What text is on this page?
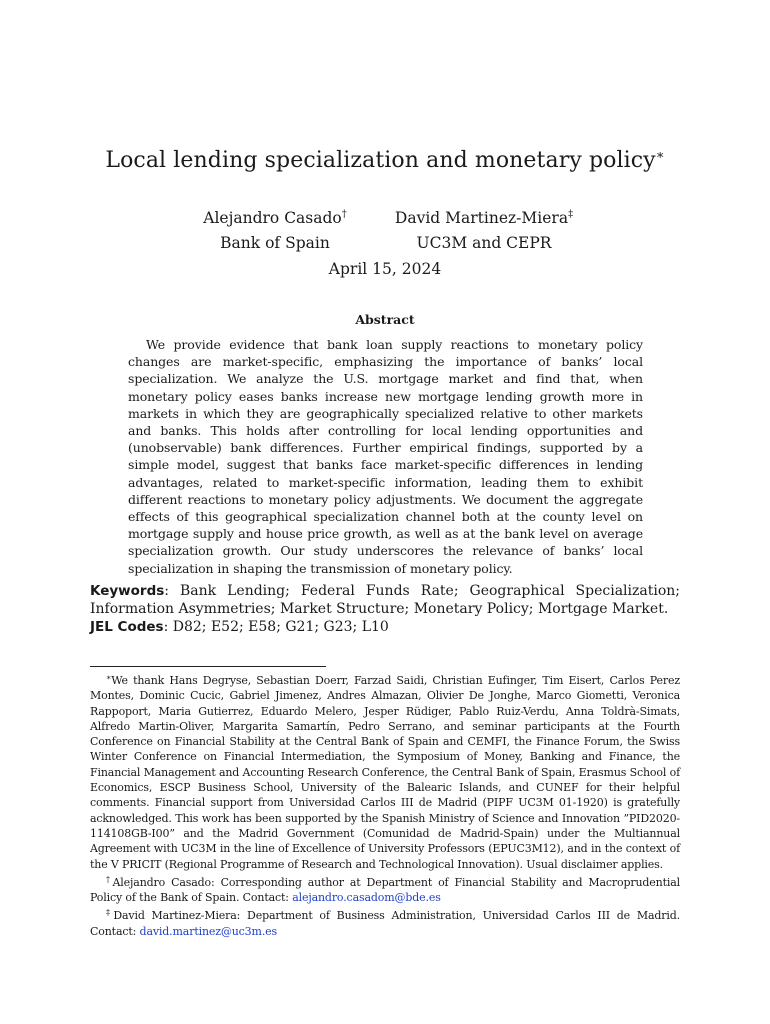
Local lending specialization and monetary policy∗
Alejandro Casado†
Bank of Spain
David Martinez-Miera‡
UC3M and CEPR
April 15, 2024
Abstract
We provide evidence that bank loan supply reactions to monetary policy changes are market-specific, emphasizing the importance of banks’ local specialization. We analyze the U.S. mortgage market and find that, when monetary policy eases banks increase new mortgage lending growth more in markets in which they are geographically specialized relative to other markets and banks. This holds after controlling for local lending opportunities and (unobservable) bank differences. Further empirical findings, supported by a simple model, suggest that banks face market-specific differences in lending advantages, related to market-specific information, leading them to exhibit different reactions to monetary policy adjustments. We document the aggregate effects of this geographical specialization channel both at the county level on mortgage supply and house price growth, as well as at the bank level on average specialization growth. Our study underscores the relevance of banks’ local specialization in shaping the transmission of monetary policy.
Keywords: Bank Lending; Federal Funds Rate; Geographical Specialization; Information Asymmetries; Market Structure; Monetary Policy; Mortgage Market.
JEL Codes: D82; E52; E58; G21; G23; L10

∗We thank Hans Degryse, Sebastian Doerr, Farzad Saidi, Christian Eufinger, Tim Eisert, Carlos Perez Montes, Dominic Cucic, Gabriel Jimenez, Andres Almazan, Olivier De Jonghe, Marco Giometti, Veronica Rappoport, Maria Gutierrez, Eduardo Melero, Jesper Rüdiger, Pablo Ruiz-Verdu, Anna Toldrà-Simats, Alfredo Martin-Oliver, Margarita Samartín, Pedro Serrano, and seminar participants at the Fourth Conference on Financial Stability at the Central Bank of Spain and CEMFI, the Finance Forum, the Swiss Winter Conference on Financial Intermediation, the Symposium of Money, Banking and Finance, the Financial Management and Accounting Research Conference, the Central Bank of Spain, Erasmus School of Economics, ESCP Business School, University of the Balearic Islands, and CUNEF for their helpful comments. Financial support from Universidad Carlos III de Madrid (PIPF UC3M 01-1920) is gratefully acknowledged. This work has been supported by the Spanish Ministry of Science and Innovation ”PID2020-114108GB-I00” and the Madrid Government (Comunidad de Madrid-Spain) under the Multiannual Agreement with UC3M in the line of Excellence of University Professors (EPUC3M12), and in the context of the V PRICIT (Regional Programme of Research and Technological Innovation). Usual disclaimer applies.

†Alejandro Casado: Corresponding author at Department of Financial Stability and Macroprudential Policy of the Bank of Spain. Contact: alejandro.casadom@bde.es

‡David Martinez-Miera: Department of Business Administration, Universidad Carlos III de Madrid. Contact: david.martinez@uc3m.es
